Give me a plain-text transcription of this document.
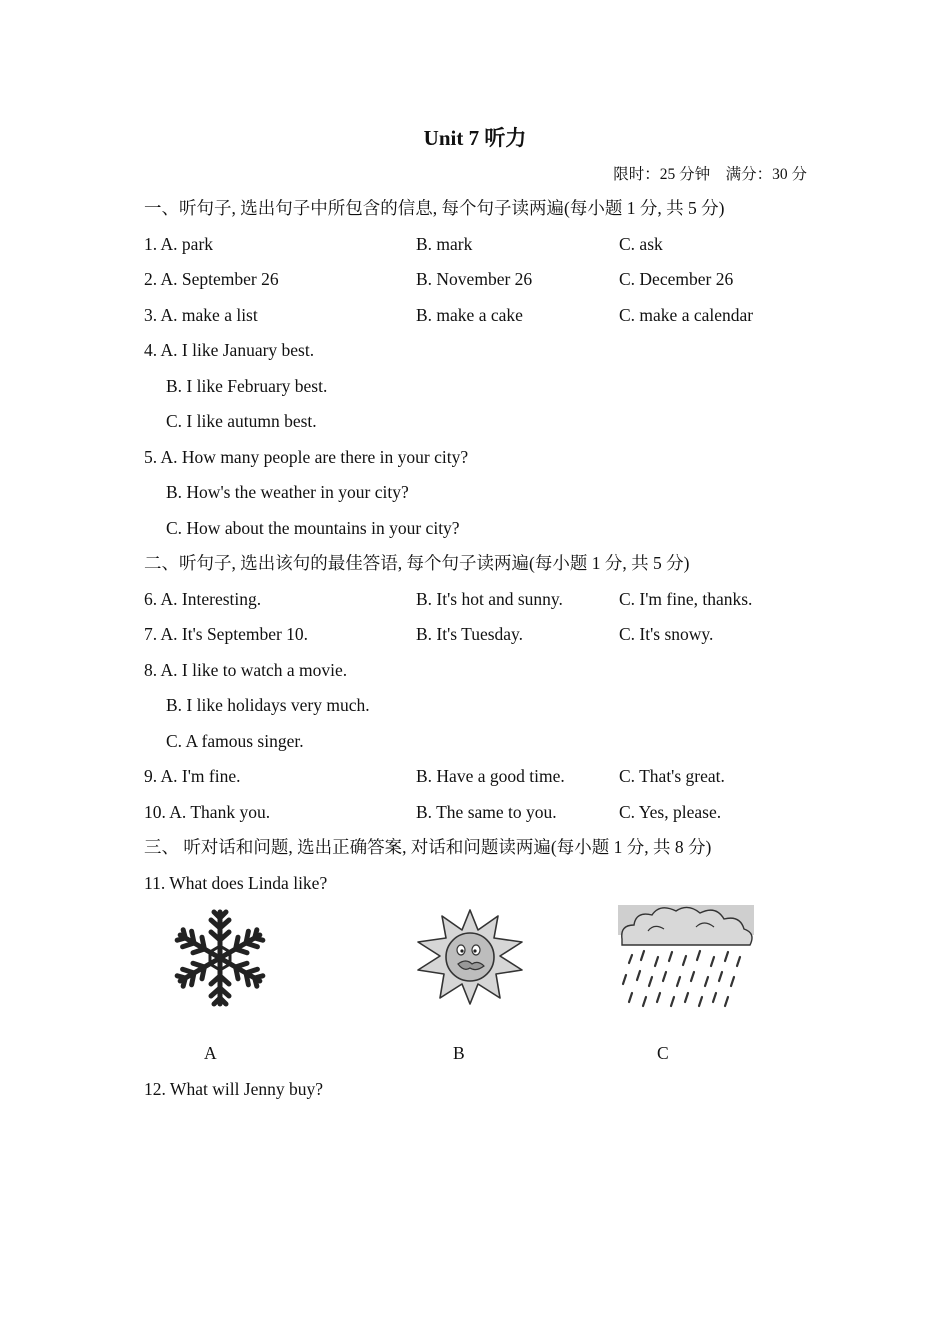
Unit 7 听力
限时：25 分钟　满分：30 分
一、听句子, 选出句子中所包含的信息, 每个句子读两遍(每小题 1 分, 共 5 分)
1. A. park	B. mark	C. ask
2. A. September 26	B. November 26	C. December 26
3. A. make a list	B. make a cake	C. make a calendar
4. A. I like January best.
B. I like February best.
C. I like autumn best.
5. A. How many people are there in your city?
B. How's the weather in your city?
C. How about the mountains in your city?
二、听句子, 选出该句的最佳答语, 每个句子读两遍(每小题 1 分, 共 5 分)
6. A. Interesting.	B. It's hot and sunny.	C. I'm fine, thanks.
7. A. It's September 10.	B. It's Tuesday.	C. It's snowy.
8. A. I like to watch a movie.
B. I like holidays very much.
C. A famous singer.
9. A. I'm fine.	B. Have a good time.	C. That's great.
10. A. Thank you.	B. The same to you.	C. Yes, please.
三、 听对话和问题, 选出正确答案, 对话和问题读两遍(每小题 1 分, 共 8 分)
11. What does Linda like?
A	B	C
12. What will Jenny buy?
